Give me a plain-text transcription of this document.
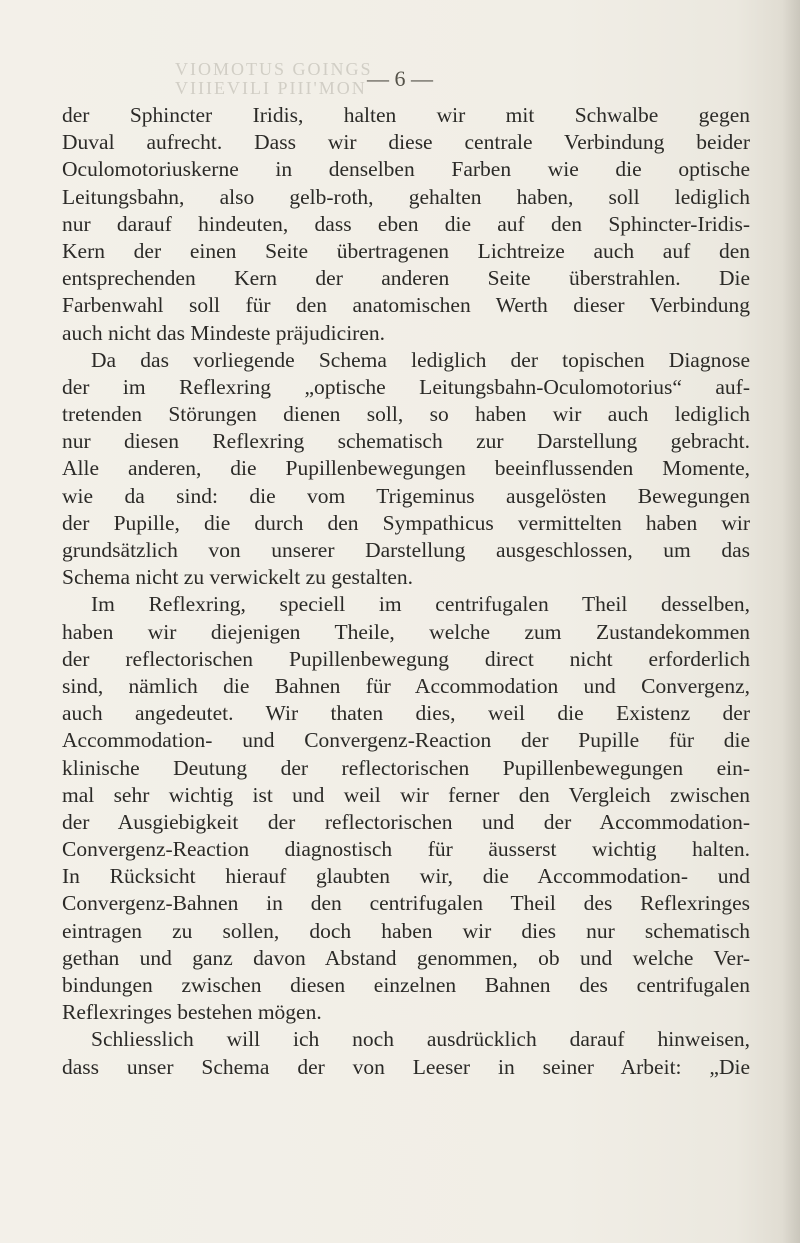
VIOMOTUS GOINGS
VIIIEVILI PIII'MON — 6 —
der Sphincter Iridis, halten wir mit Schwalbe gegen
Duval aufrecht. Dass wir diese centrale Verbindung beider
Oculomotoriuskerne in denselben Farben wie die optische
Leitungsbahn, also gelb-roth, gehalten haben, soll lediglich
nur darauf hindeuten, dass eben die auf den Sphincter-Iridis-
Kern der einen Seite übertragenen Lichtreize auch auf den
entsprechenden Kern der anderen Seite überstrahlen. Die
Farbenwahl soll für den anatomischen Werth dieser Verbindung
auch nicht das Mindeste präjudiciren.
Da das vorliegende Schema lediglich der topischen Diagnose
der im Reflexring „optische Leitungsbahn-Oculomotorius“ auf-
tretenden Störungen dienen soll, so haben wir auch lediglich
nur diesen Reflexring schematisch zur Darstellung gebracht.
Alle anderen, die Pupillenbewegungen beeinflussenden Momente,
wie da sind: die vom Trigeminus ausgelösten Bewegungen
der Pupille, die durch den Sympathicus vermittelten haben wir
grundsätzlich von unserer Darstellung ausgeschlossen, um das
Schema nicht zu verwickelt zu gestalten.
Im Reflexring, speciell im centrifugalen Theil desselben,
haben wir diejenigen Theile, welche zum Zustandekommen
der reflectorischen Pupillenbewegung direct nicht erforderlich
sind, nämlich die Bahnen für Accommodation und Convergenz,
auch angedeutet. Wir thaten dies, weil die Existenz der
Accommodation- und Convergenz-Reaction der Pupille für die
klinische Deutung der reflectorischen Pupillenbewegungen ein-
mal sehr wichtig ist und weil wir ferner den Vergleich zwischen
der Ausgiebigkeit der reflectorischen und der Accommodation-
Convergenz-Reaction diagnostisch für äusserst wichtig halten.
In Rücksicht hierauf glaubten wir, die Accommodation- und
Convergenz-Bahnen in den centrifugalen Theil des Reflexringes
eintragen zu sollen, doch haben wir dies nur schematisch
gethan und ganz davon Abstand genommen, ob und welche Ver-
bindungen zwischen diesen einzelnen Bahnen des centrifugalen
Reflexringes bestehen mögen.
Schliesslich will ich noch ausdrücklich darauf hinweisen,
dass unser Schema der von Leeser in seiner Arbeit: „Die
